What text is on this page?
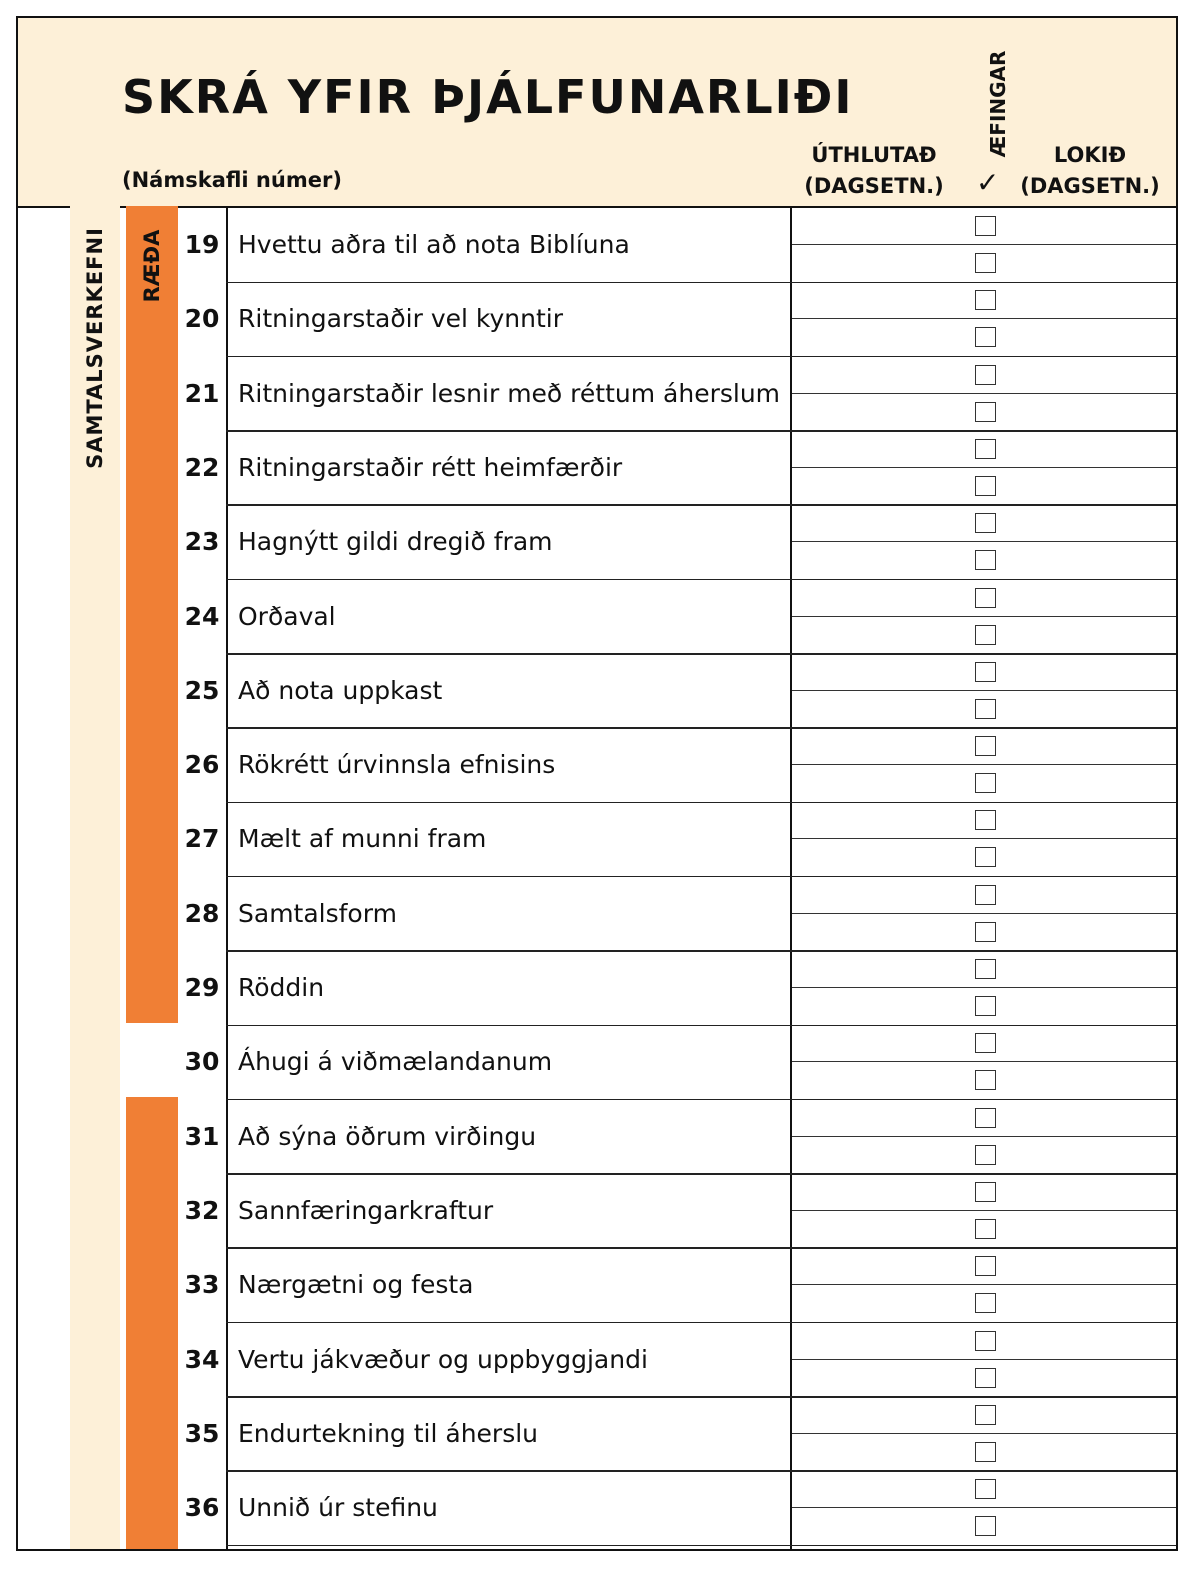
SKRÁ YFIR ÞJÁLFUNARLIÐI
(Námskafli númer)
ÚTHLUTAÐ
(DAGSETN.)
ÆFINGAR
✓
LOKIÐ
(DAGSETN.)
SAMTALSVERKEFNI RÆÐA 19 Hvettu aðra til að nota Biblíuna
20 Ritningarstaðir vel kynntir
21 Ritningarstaðir lesnir með réttum áherslum
22 Ritningarstaðir rétt heimfærðir
23 Hagnýtt gildi dregið fram
24 Orðaval
25 Að nota uppkast
26 Rökrétt úrvinnsla efnisins
27 Mælt af munni fram
28 Samtalsform
29 Röddin
30 Áhugi á viðmælandanum
31 Að sýna öðrum virðingu
32 Sannfæringarkraftur
33 Nærgætni og festa
34 Vertu jákvæður og uppbyggjandi
35 Endurtekning til áherslu
36 Unnið úr stefinu
